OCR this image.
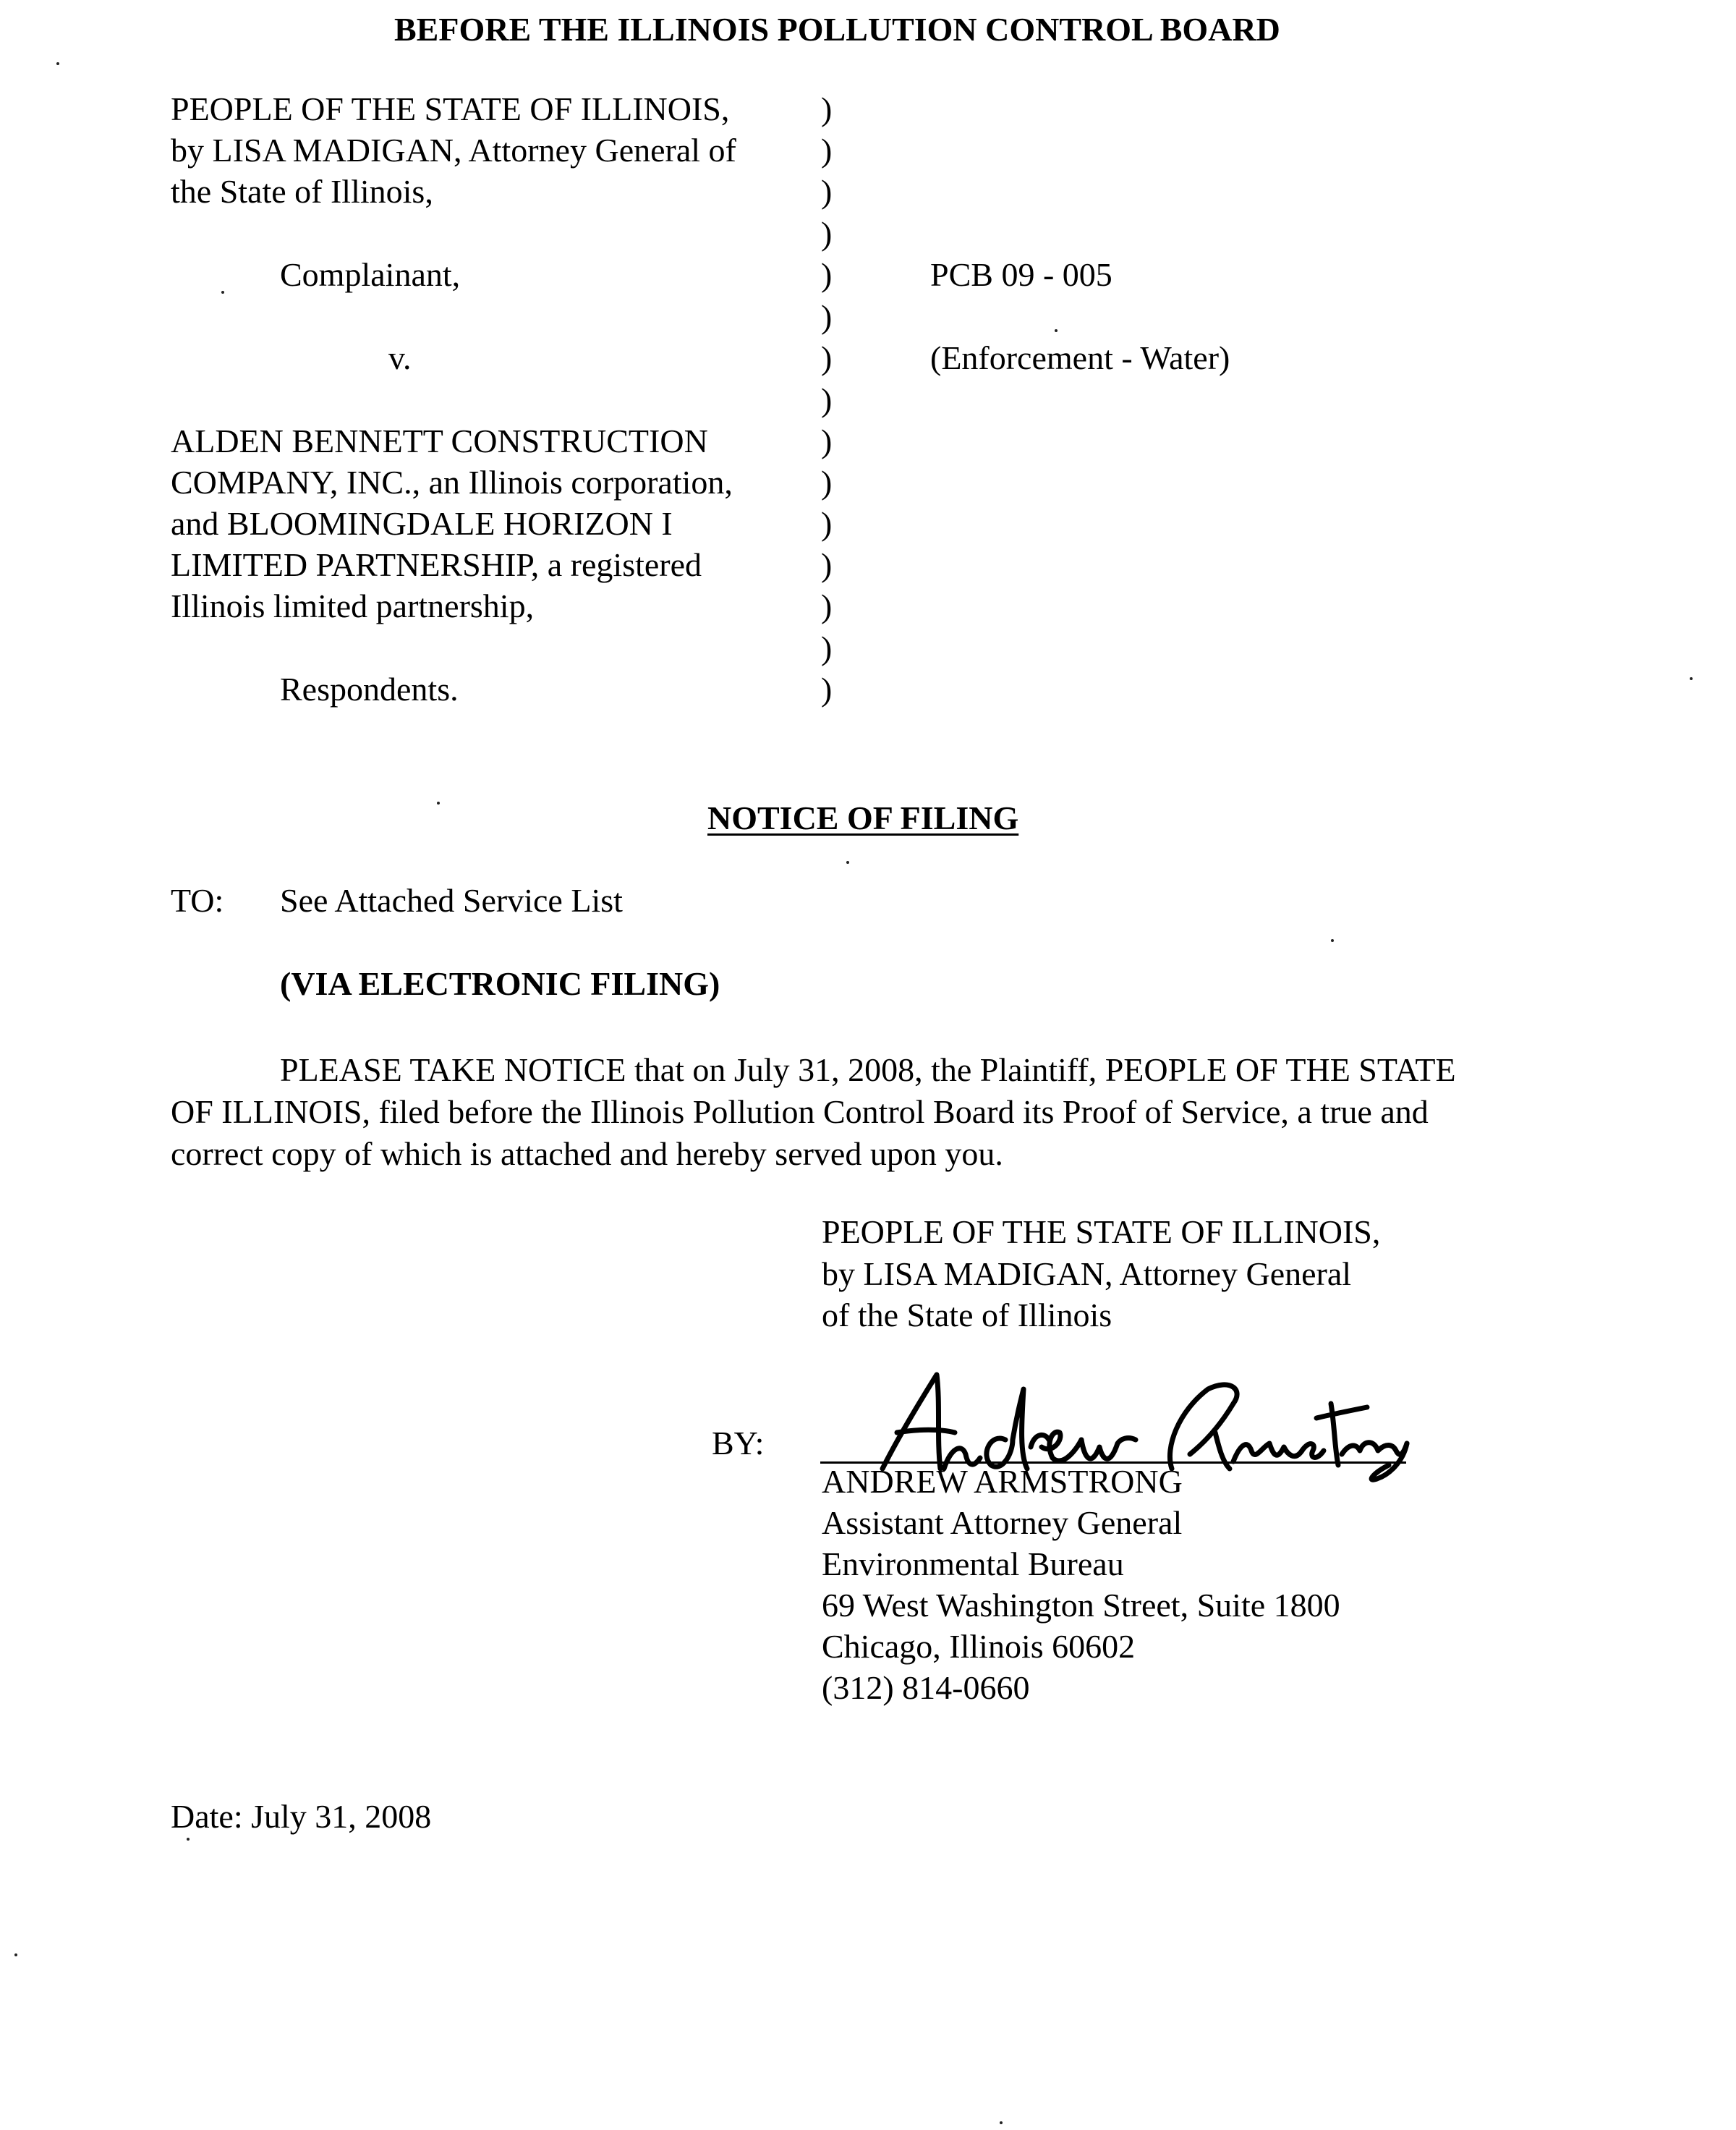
BEFORE THE ILLINOIS POLLUTION CONTROL BOARD
PEOPLE OF THE STATE OF ILLINOIS,
by LISA MADIGAN, Attorney General of
the State of Illinois,
Complainant,
v.
ALDEN BENNETT CONSTRUCTION
COMPANY, INC., an Illinois corporation,
and BLOOMINGDALE HORIZON I
LIMITED PARTNERSHIP, a registered
Illinois limited partnership,
Respondents.
)
)
)
)
)
)
)
)
)
)
)
)
)
)
)
PCB 09 - 005
(Enforcement - Water)
NOTICE OF FILING
TO: See Attached Service List
(VIA ELECTRONIC FILING)
PLEASE TAKE NOTICE that on July 31, 2008, the Plaintiff, PEOPLE OF THE STATE
OF ILLINOIS, filed before the Illinois Pollution Control Board its Proof of Service, a true and
correct copy of which is attached and hereby served upon you.
PEOPLE OF THE STATE OF ILLINOIS,
by LISA MADIGAN, Attorney General
of the State of Illinois
BY:
ANDREW ARMSTRONG
Assistant Attorney General
Environmental Bureau
69 West Washington Street, Suite 1800
Chicago, Illinois 60602
(312) 814-0660
Date: July 31, 2008
